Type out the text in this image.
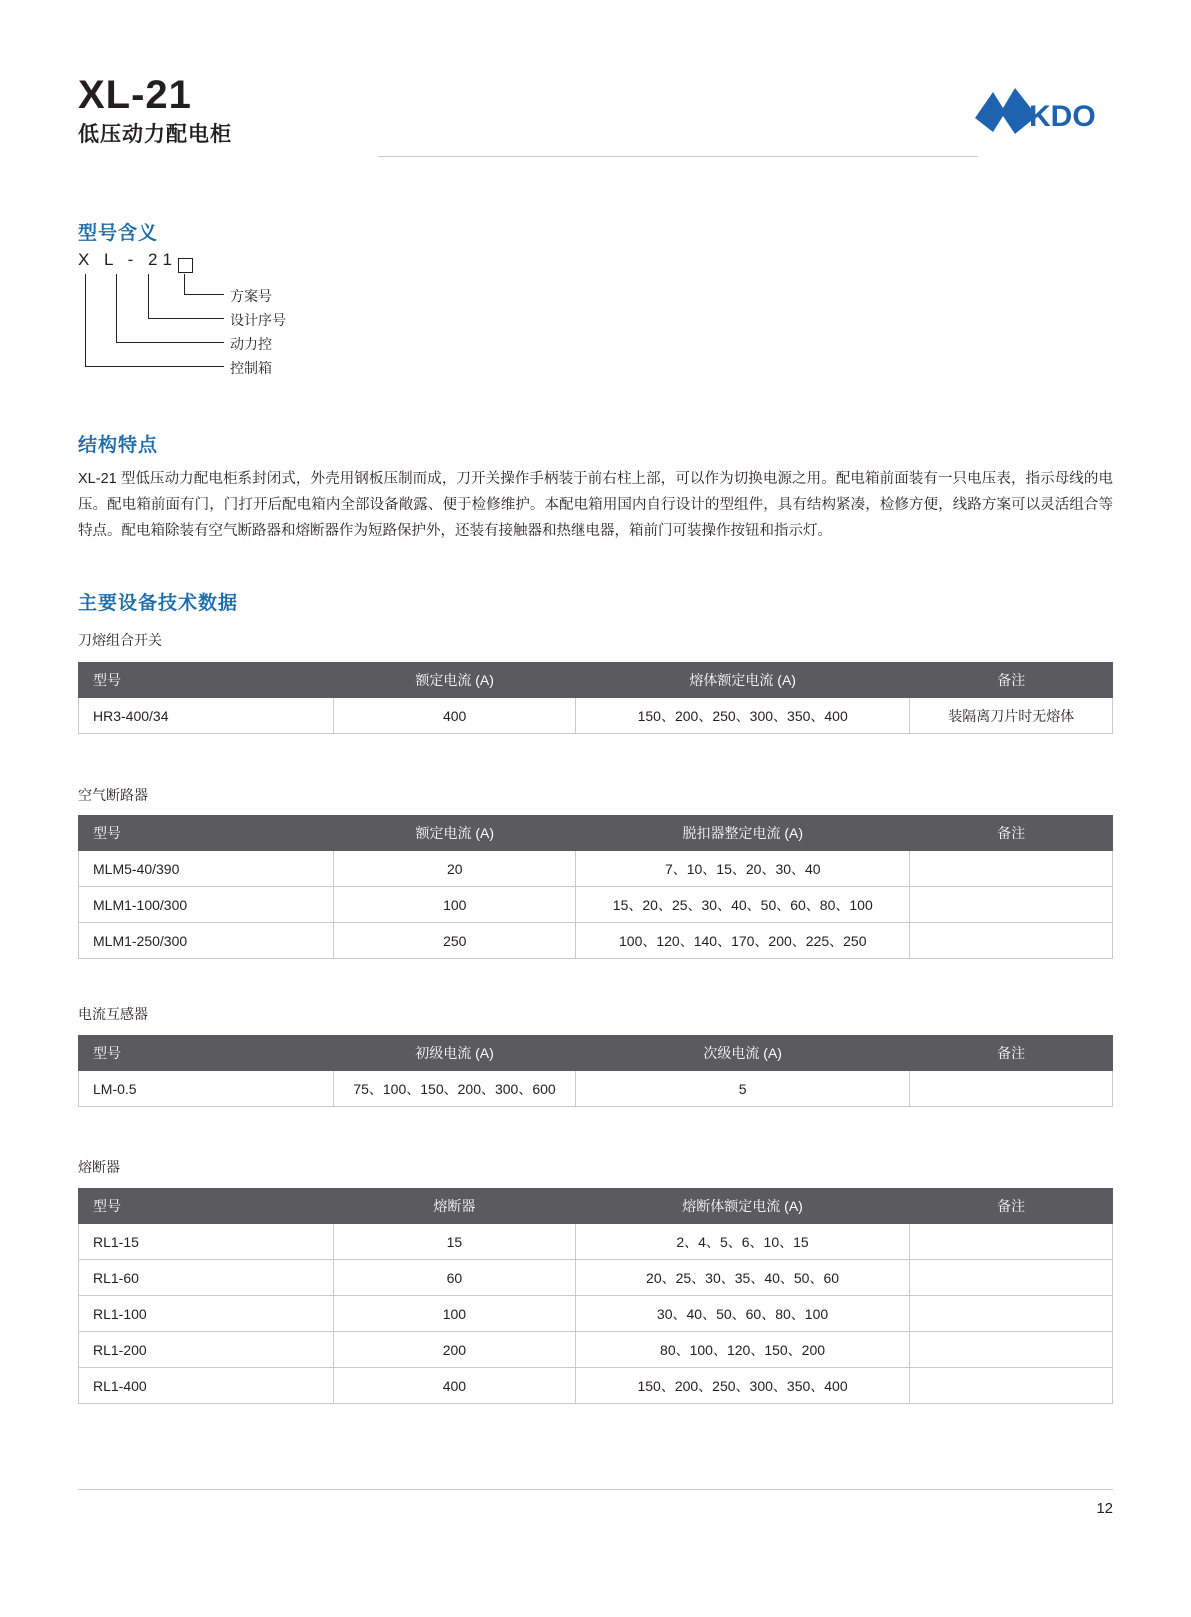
XL-21
低压动力配电柜
YKDO
型号含义
X L - 21
方案号
设计序号
动力控
控制箱
结构特点
XL-21 型低压动力配电柜系封闭式，外壳用钢板压制而成，刀开关操作手柄装于前右柱上部，可以作为切换电源之用。配电箱前面装有一只电压表，指示母线的电压。配电箱前面有门，门打开后配电箱内全部设备敞露、便于检修维护。本配电箱用国内自行设计的型组件，具有结构紧凑，检修方便，线路方案可以灵活组合等特点。配电箱除装有空气断路器和熔断器作为短路保护外，还装有接触器和热继电器，箱前门可装操作按钮和指示灯。
主要设备技术数据
刀熔组合开关
型号	额定电流 (A)	熔体额定电流 (A)	备注
HR3-400/34	400	150、200、250、300、350、400	装隔离刀片时无熔体
空气断路器
型号	额定电流 (A)	脱扣器整定电流 (A)	备注
MLM5-40/390	20	7、10、15、20、30、40	
MLM1-100/300	100	15、20、25、30、40、50、60、80、100	
MLM1-250/300	250	100、120、140、170、200、225、250	
电流互感器
型号	初级电流 (A)	次级电流 (A)	备注
LM-0.5	75、100、150、200、300、600	5	
熔断器
型号	熔断器	熔断体额定电流 (A)	备注
RL1-15	15	2、4、5、6、10、15	
RL1-60	60	20、25、30、35、40、50、60	
RL1-100	100	30、40、50、60、80、100	
RL1-200	200	80、100、120、150、200	
RL1-400	400	150、200、250、300、350、400	
12
